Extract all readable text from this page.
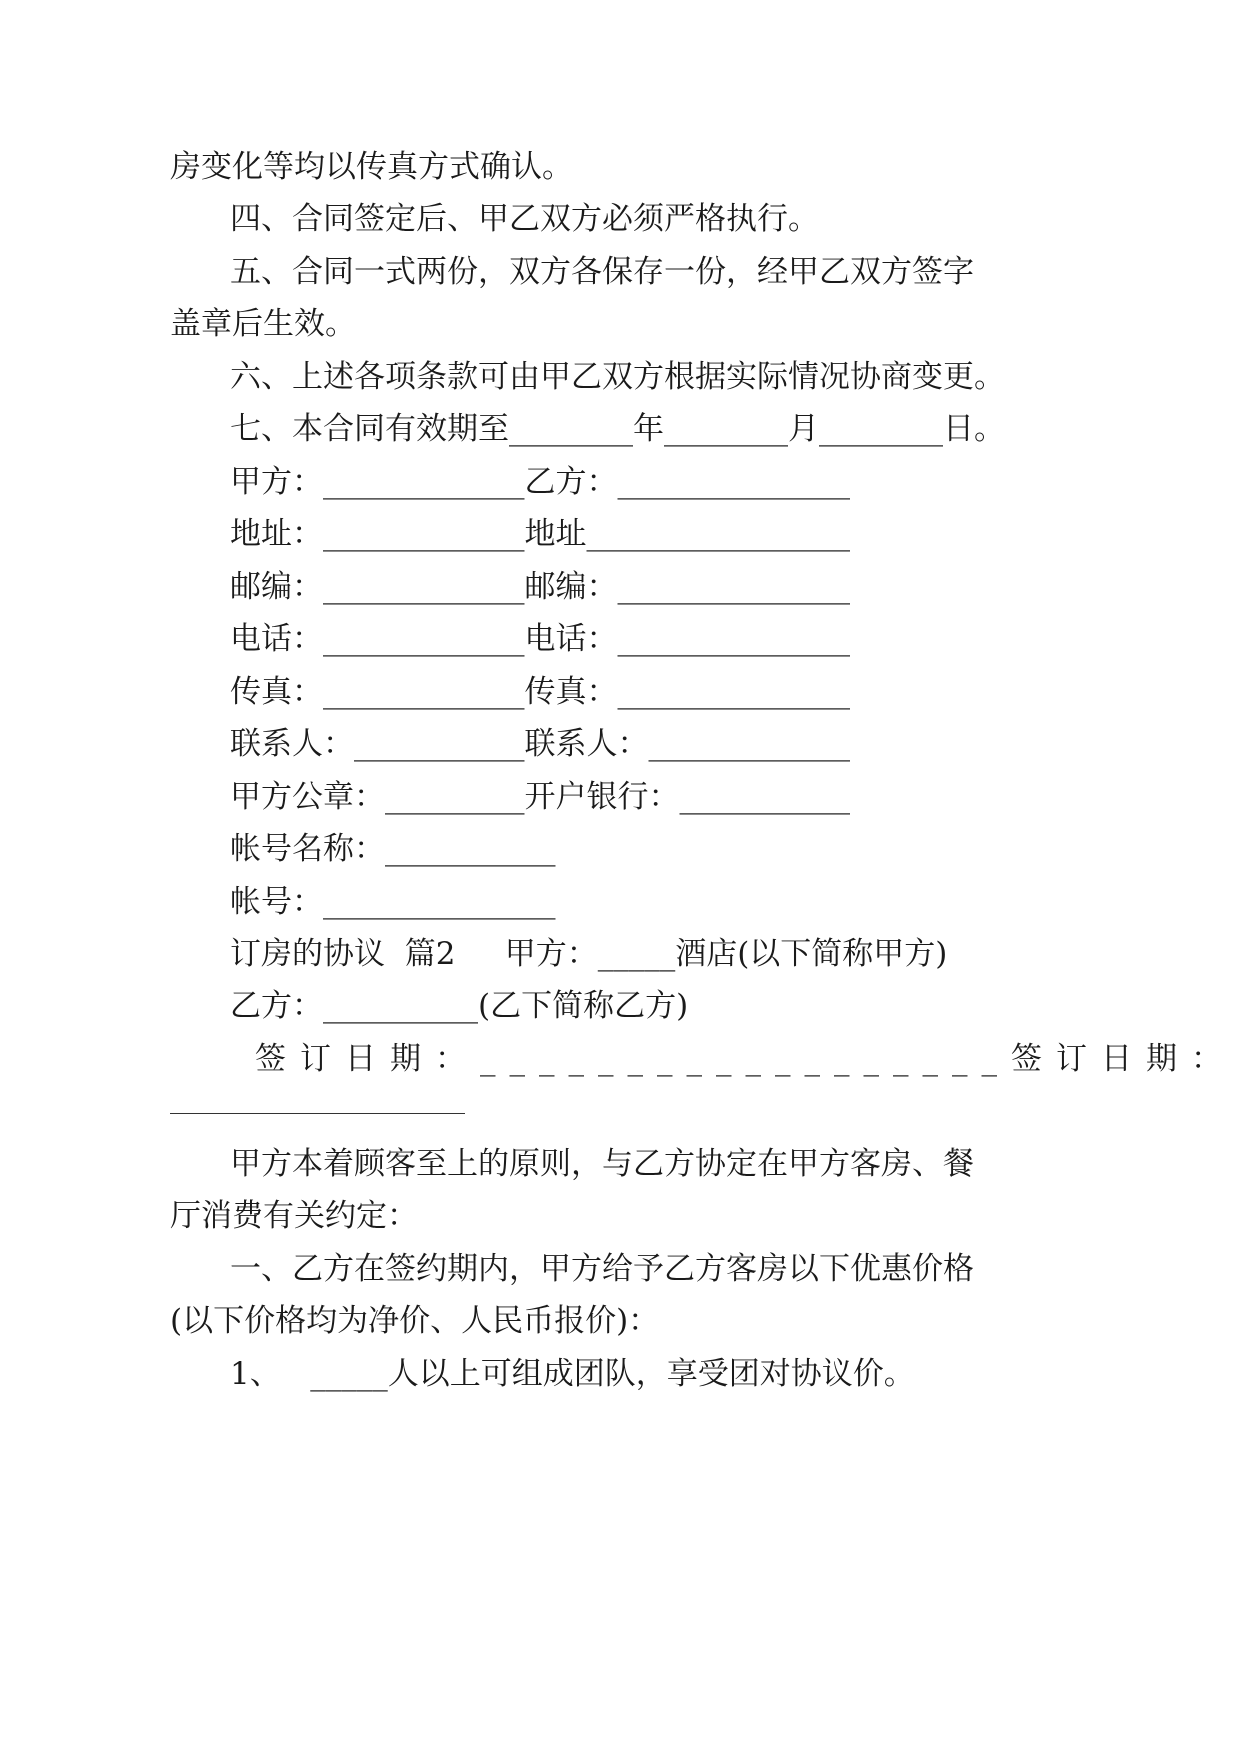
房变化等均以传真方式确认。

四、合同签定后、甲乙双方必须严格执行。

五 、 合 同 一 式 两 份 ， 双 方 各 保 存 一 份 ， 经 甲 乙 双 方 签 字

盖章后生效。

六、上述各项条款可由甲乙双方根据实际情况协商变更。

七、本合同有效期至________年________月________日。

甲方：_____________乙方：_______________

地址：_____________地址_________________

邮编：_____________邮编：_______________

电话：_____________电话：_______________

传真：_____________传真：_______________

联系人：___________联系人：_____________

甲方公章：_________开户银行：___________

帐号名称：___________

帐号：_______________

订房的协议  篇2     甲方：_____酒店(以下简称甲方)

乙方：__________(乙下简称乙方)

签订日期：__________________签订日期：

甲 方 本 着 顾 客 至 上 的 原 则 ， 与 乙 方 协 定 在 甲 方 客 房 、 餐

厅消费有关约定：

一 、 乙 方 在 签 约 期 内 ， 甲 方 给 予 乙 方 客 房 以 下 优 惠 价 格

(以下价格均为净价、人民币报价)：

1、   _____人以上可组成团队，享受团对协议价。
